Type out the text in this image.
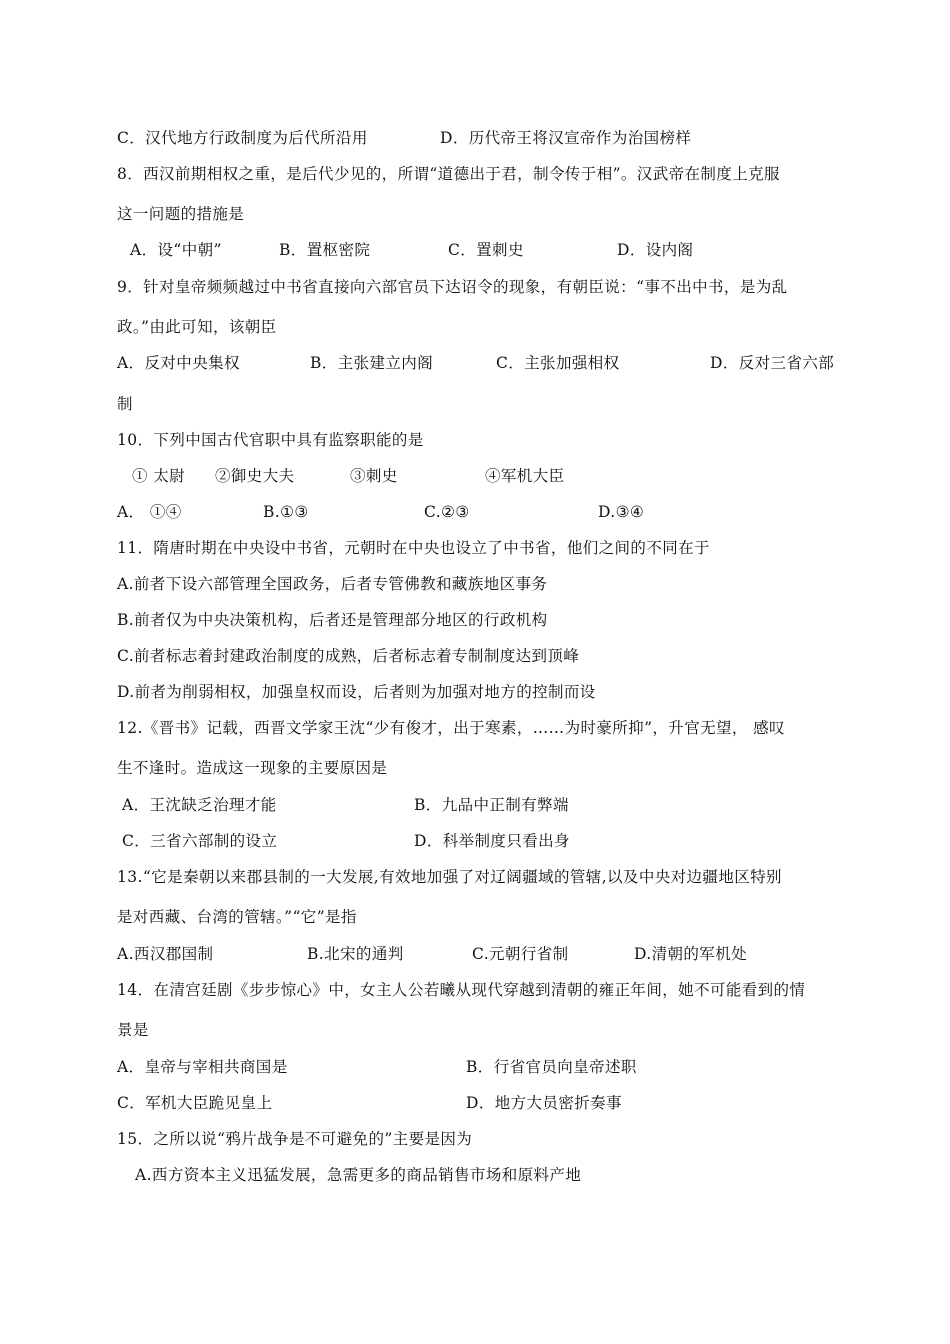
C．汉代地方行政制度为后代所沿用	D．历代帝王将汉宣帝作为治国榜样
8．西汉前期相权之重，是后代少见的，所谓“道德出于君，制令传于相”。汉武帝在制度上克服
这一问题的措施是
A．设“中朝”	B．置枢密院	C．置刺史	D．设内阁
9．针对皇帝频频越过中书省直接向六部官员下达诏令的现象，有朝臣说：“事不出中书，是为乱
政。”由此可知，该朝臣
A．反对中央集权	B．主张建立内阁	C．主张加强相权	D．反对三省六部
制
10．下列中国古代官职中具有监察职能的是
① 太尉 ②御史大夫	③刺史	④军机大臣
A． ①④	B.①③	C.②③	D.③④
11．隋唐时期在中央设中书省，元朝时在中央也设立了中书省，他们之间的不同在于
A.前者下设六部管理全国政务，后者专管佛教和藏族地区事务
B.前者仅为中央决策机构，后者还是管理部分地区的行政机构
C.前者标志着封建政治制度的成熟，后者标志着专制制度达到顶峰
D.前者为削弱相权，加强皇权而设，后者则为加强对地方的控制而设
12.《晋书》记载，西晋文学家王沈“少有俊才，出于寒素，……为时豪所抑”，升官无望， 感叹
生不逢时。造成这一现象的主要原因是
A．王沈缺乏治理才能	B．九品中正制有弊端
C．三省六部制的设立	D．科举制度只看出身
13.“它是秦朝以来郡县制的一大发展,有效地加强了对辽阔疆域的管辖,以及中央对边疆地区特别
是对西藏、台湾的管辖。”“它”是指
A.西汉郡国制	B.北宋的通判	C.元朝行省制	D.清朝的军机处
14．在清宫廷剧《步步惊心》中，女主人公若曦从现代穿越到清朝的雍正年间，她不可能看到的情
景是
A．皇帝与宰相共商国是	B．行省官员向皇帝述职
C．军机大臣跪见皇上	D．地方大员密折奏事
15．之所以说“鸦片战争是不可避免的”主要是因为
A.西方资本主义迅猛发展，急需更多的商品销售市场和原料产地
